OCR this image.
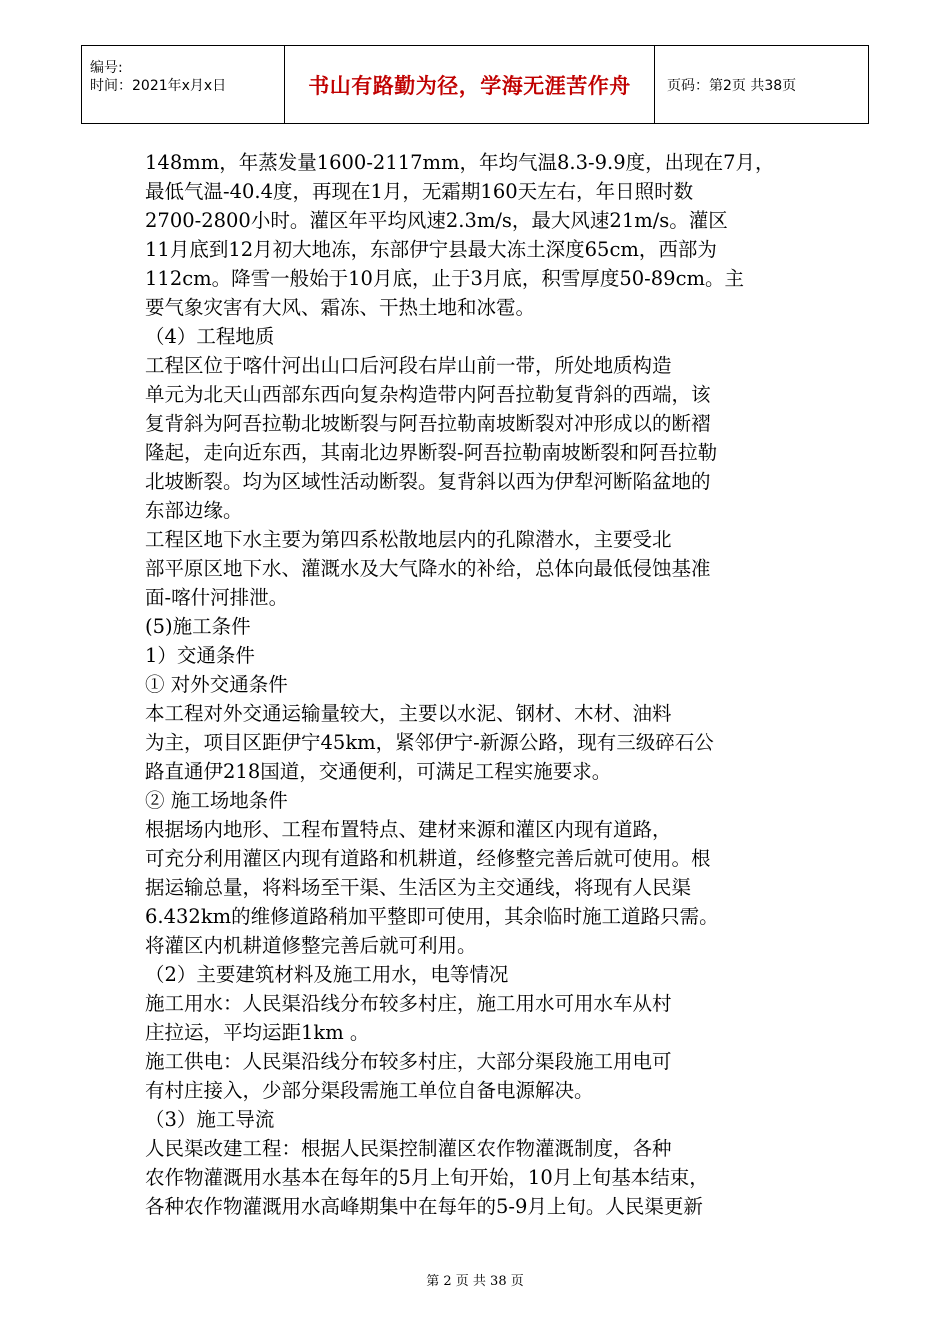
编号:
时间：2021年x月x日	书山有路勤为径，学海无涯苦作舟	页码：第2页 共38页

148mm，年蒸发量1600-2117mm，年均气温8.3-9.9度，出现在7月，

最低气温-40.4度，再现在1月，无霜期160天左右，年日照时数

2700-2800小时。灌区年平均风速2.3m/s，最大风速21m/s。灌区

11月底到12月初大地冻，东部伊宁县最大冻土深度65cm，西部为

112cm。降雪一般始于10月底，止于3月底，积雪厚度50-89cm。主

要气象灾害有大风、霜冻、干热土地和冰雹。

（4）工程地质

工程区位于喀什河出山口后河段右岸山前一带，所处地质构造

单元为北天山西部东西向复杂构造带内阿吾拉勒复背斜的西端，该

复背斜为阿吾拉勒北坡断裂与阿吾拉勒南坡断裂对冲形成以的断褶

隆起，走向近东西，其南北边界断裂-阿吾拉勒南坡断裂和阿吾拉勒

北坡断裂。均为区域性活动断裂。复背斜以西为伊犁河断陷盆地的

东部边缘。

工程区地下水主要为第四系松散地层内的孔隙潜水，主要受北

部平原区地下水、灌溉水及大气降水的补给，总体向最低侵蚀基准

面-喀什河排泄。

(5)施工条件

1）交通条件

① 对外交通条件

本工程对外交通运输量较大，主要以水泥、钢材、木材、油料

为主，项目区距伊宁45km，紧邻伊宁-新源公路，现有三级碎石公

路直通伊218国道，交通便利，可满足工程实施要求。

② 施工场地条件

根据场内地形、工程布置特点、建材来源和灌区内现有道路，

可充分利用灌区内现有道路和机耕道，经修整完善后就可使用。根

据运输总量，将料场至干渠、生活区为主交通线，将现有人民渠

6.432km的维修道路稍加平整即可使用，其余临时施工道路只需。

将灌区内机耕道修整完善后就可利用。

（2）主要建筑材料及施工用水，电等情况

施工用水：人民渠沿线分布较多村庄，施工用水可用水车从村

庄拉运，平均运距1km 。

施工供电：人民渠沿线分布较多村庄，大部分渠段施工用电可

有村庄接入，少部分渠段需施工单位自备电源解决。

（3）施工导流

人民渠改建工程：根据人民渠控制灌区农作物灌溉制度，各种

农作物灌溉用水基本在每年的5月上旬开始，10月上旬基本结束，

各种农作物灌溉用水高峰期集中在每年的5-9月上旬。人民渠更新

第 2 页 共 38 页
